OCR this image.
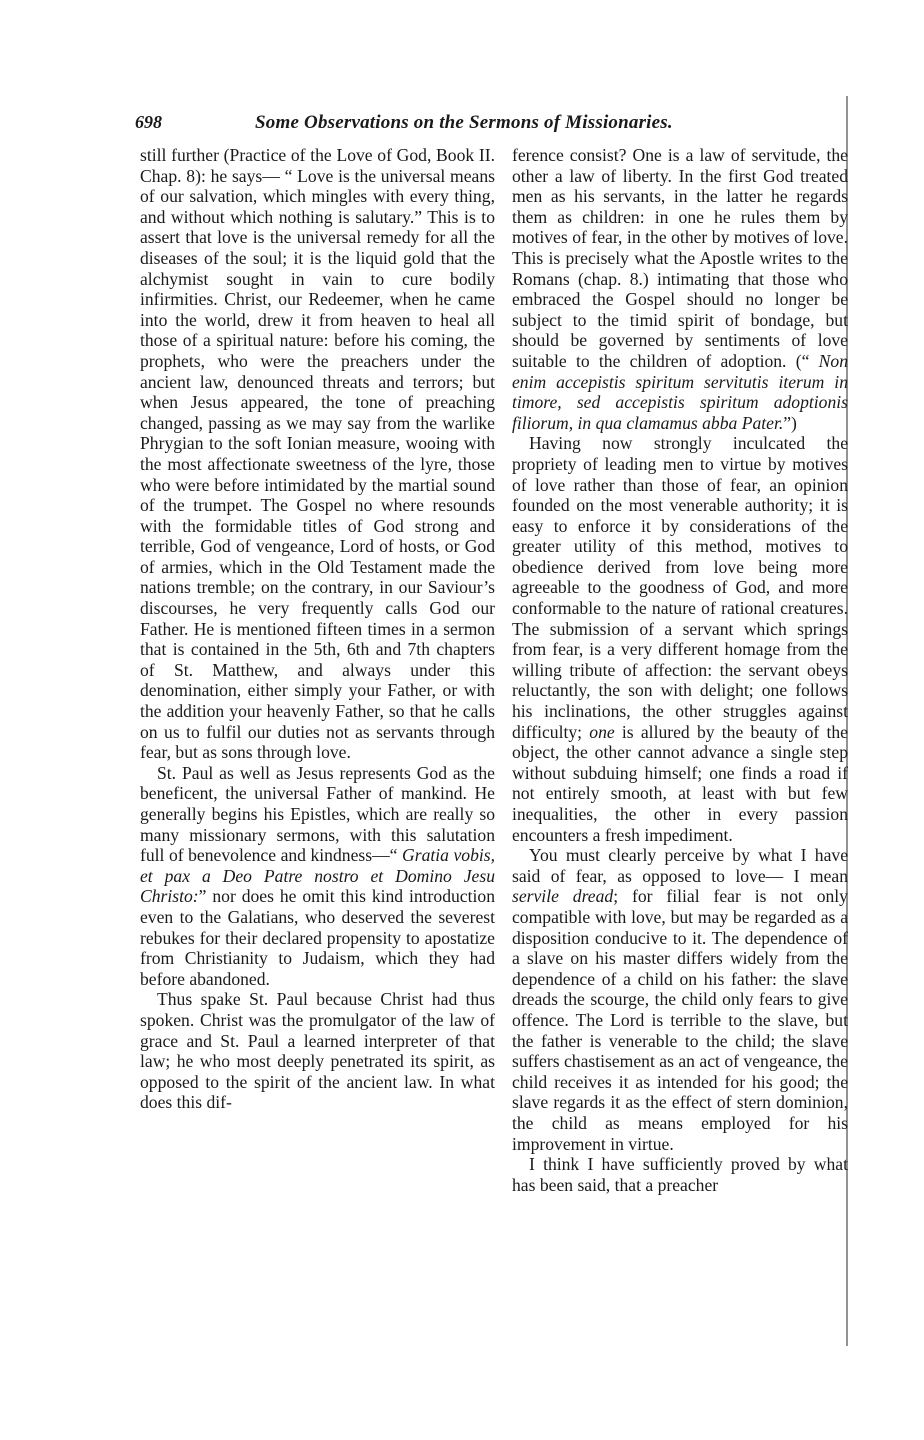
698	Some Observations on the Sermons of Missionaries.

still further (Practice of the Love of God, Book II. Chap. 8): he says— “ Love is the universal means of our salvation, which mingles with every thing, and without which nothing is salutary.” This is to assert that love is the universal remedy for all the diseases of the soul; it is the liquid gold that the alchymist sought in vain to cure bodily infirmities. Christ, our Redeemer, when he came into the world, drew it from heaven to heal all those of a spiritual nature: before his coming, the prophets, who were the preachers under the ancient law, denounced threats and terrors; but when Jesus appeared, the tone of preaching changed, passing as we may say from the warlike Phrygian to the soft Ionian measure, wooing with the most affectionate sweetness of the lyre, those who were before intimidated by the martial sound of the trumpet. The Gospel no where resounds with the formidable titles of God strong and terrible, God of vengeance, Lord of hosts, or God of armies, which in the Old Testament made the nations tremble; on the contrary, in our Saviour’s discourses, he very frequently calls God our Father. He is mentioned fifteen times in a sermon that is contained in the 5th, 6th and 7th chapters of St. Matthew, and always under this denomination, either simply your Father, or with the addition your heavenly Father, so that he calls on us to fulfil our duties not as servants through fear, but as sons through love.

St. Paul as well as Jesus represents God as the beneficent, the universal Father of mankind. He generally begins his Epistles, which are really so many missionary sermons, with this salutation full of benevolence and kindness—“ Gratia vobis, et pax a Deo Patre nostro et Domino Jesu Christo:” nor does he omit this kind introduction even to the Galatians, who deserved the severest rebukes for their declared propensity to apostatize from Christianity to Judaism, which they had before abandoned.

Thus spake St. Paul because Christ had thus spoken. Christ was the promulgator of the law of grace and St. Paul a learned interpreter of that law; he who most deeply penetrated its spirit, as opposed to the spirit of the ancient law. In what does this dif-

ference consist? One is a law of servitude, the other a law of liberty. In the first God treated men as his servants, in the latter he regards them as children: in one he rules them by motives of fear, in the other by motives of love. This is precisely what the Apostle writes to the Romans (chap. 8.) intimating that those who embraced the Gospel should no longer be subject to the timid spirit of bondage, but should be governed by sentiments of love suitable to the children of adoption. (“ Non enim accepistis spiritum servitutis iterum in timore, sed accepistis spiritum adoptionis filiorum, in qua clamamus abba Pater.”)

Having now strongly inculcated the propriety of leading men to virtue by motives of love rather than those of fear, an opinion founded on the most venerable authority; it is easy to enforce it by considerations of the greater utility of this method, motives to obedience derived from love being more agreeable to the goodness of God, and more conformable to the nature of rational creatures. The submission of a servant which springs from fear, is a very different homage from the willing tribute of affection: the servant obeys reluctantly, the son with delight; one follows his inclinations, the other struggles against difficulty; one is allured by the beauty of the object, the other cannot advance a single step without subduing himself; one finds a road if not entirely smooth, at least with but few inequalities, the other in every passion encounters a fresh impediment.

You must clearly perceive by what I have said of fear, as opposed to love— I mean servile dread; for filial fear is not only compatible with love, but may be regarded as a disposition conducive to it. The dependence of a slave on his master differs widely from the dependence of a child on his father: the slave dreads the scourge, the child only fears to give offence. The Lord is terrible to the slave, but the father is venerable to the child; the slave suffers chastisement as an act of vengeance, the child receives it as intended for his good; the slave regards it as the effect of stern dominion, the child as means employed for his improvement in virtue.

I think I have sufficiently proved by what has been said, that a preacher
